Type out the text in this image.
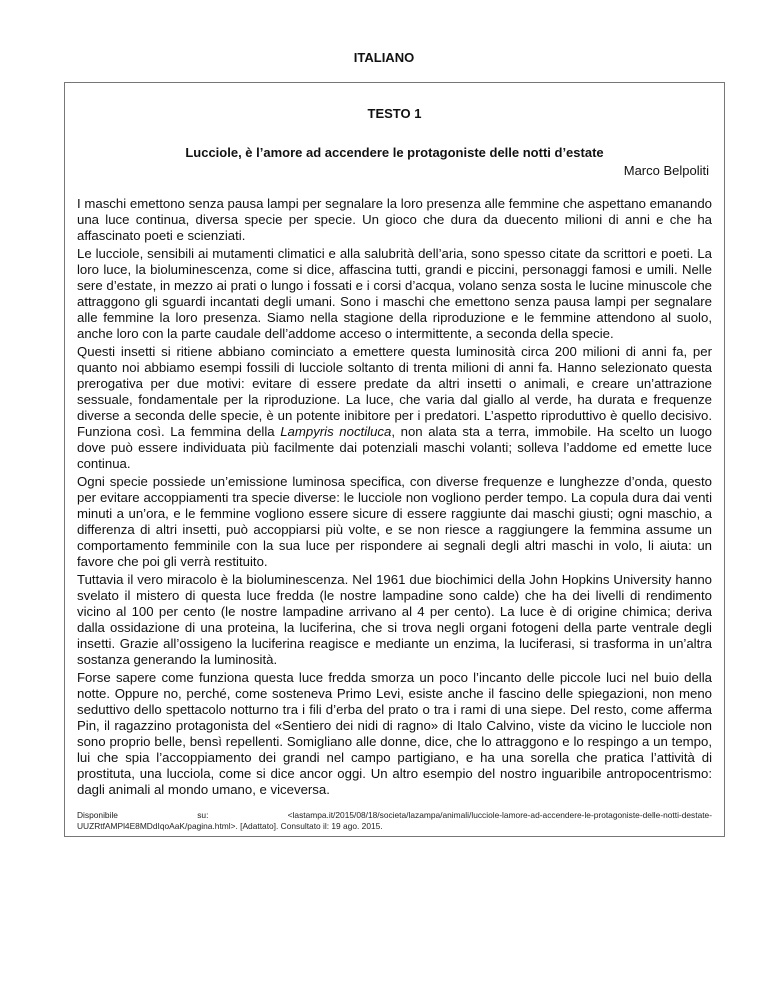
ITALIANO
TESTO 1
Lucciole, è l’amore ad accendere le protagoniste delle notti d’estate
Marco Belpoliti

I maschi emettono senza pausa lampi per segnalare la loro presenza alle femmine che aspettano emanando una luce continua, diversa specie per specie. Un gioco che dura da duecento milioni di anni e che ha affascinato poeti e scienziati.

Le lucciole, sensibili ai mutamenti climatici e alla salubrità dell’aria, sono spesso citate da scrittori e poeti. La loro luce, la bioluminescenza, come si dice, affascina tutti, grandi e piccini, personaggi famosi e umili. Nelle sere d’estate, in mezzo ai prati o lungo i fossati e i corsi d’acqua, volano senza sosta le lucine minuscole che attraggono gli sguardi incantati degli umani. Sono i maschi che emettono senza pausa lampi per segnalare alle femmine la loro presenza. Siamo nella stagione della riproduzione e le femmine attendono al suolo, anche loro con la parte caudale dell’addome acceso o intermittente, a seconda della specie.

Questi insetti si ritiene abbiano cominciato a emettere questa luminosità circa 200 milioni di anni fa, per quanto noi abbiamo esempi fossili di lucciole soltanto di trenta milioni di anni fa. Hanno selezionato questa prerogativa per due motivi: evitare di essere predate da altri insetti o animali, e creare un’attrazione sessuale, fondamentale per la riproduzione. La luce, che varia dal giallo al verde, ha durata e frequenze diverse a seconda delle specie, è un potente inibitore per i predatori. L’aspetto riproduttivo è quello decisivo. Funziona così. La femmina della Lampyris noctiluca, non alata sta a terra, immobile. Ha scelto un luogo dove può essere individuata più facilmente dai potenziali maschi volanti; solleva l’addome ed emette luce continua.

Ogni specie possiede un’emissione luminosa specifica, con diverse frequenze e lunghezze d’onda, questo per evitare accoppiamenti tra specie diverse: le lucciole non vogliono perder tempo. La copula dura dai venti minuti a un’ora, e le femmine vogliono essere sicure di essere raggiunte dai maschi giusti; ogni maschio, a differenza di altri insetti, può accoppiarsi più volte, e se non riesce a raggiungere la femmina assume un comportamento femminile con la sua luce per rispondere ai segnali degli altri maschi in volo, li aiuta: un favore che poi gli verrà restituito.

Tuttavia il vero miracolo è la bioluminescenza. Nel 1961 due biochimici della John Hopkins University hanno svelato il mistero di questa luce fredda (le nostre lampadine sono calde) che ha dei livelli di rendimento vicino al 100 per cento (le nostre lampadine arrivano al 4 per cento). La luce è di origine chimica; deriva dalla ossidazione di una proteina, la luciferina, che si trova negli organi fotogeni della parte ventrale degli insetti. Grazie all’ossigeno la luciferina reagisce e mediante un enzima, la luciferasi, si trasforma in un’altra sostanza generando la luminosità.

Forse sapere come funziona questa luce fredda smorza un poco l’incanto delle piccole luci nel buio della notte. Oppure no, perché, come sosteneva Primo Levi, esiste anche il fascino delle spiegazioni, non meno seduttivo dello spettacolo notturno tra i fili d’erba del prato o tra i rami di una siepe. Del resto, come afferma Pin, il ragazzino protagonista del «Sentiero dei nidi di ragno» di Italo Calvino, viste da vicino le lucciole non sono proprio belle, bensì repellenti. Somigliano alle donne, dice, che lo attraggono e lo respingo a un tempo, lui che spia l’accoppiamento dei grandi nel campo partigiano, e ha una sorella che pratica l’attività di prostituta, una lucciola, come si dice ancor oggi. Un altro esempio del nostro inguaribile antropocentrismo: dagli animali al mondo umano, e viceversa.

Disponibile su: <lastampa.it/2015/08/18/societa/lazampa/animali/lucciole-lamore-ad-accendere-le-protagoniste-delle-notti-destate-UUZRtfAMPl4E8MDdIqoAaK/pagina.html>. [Adattato]. Consultato il: 19 ago. 2015.
